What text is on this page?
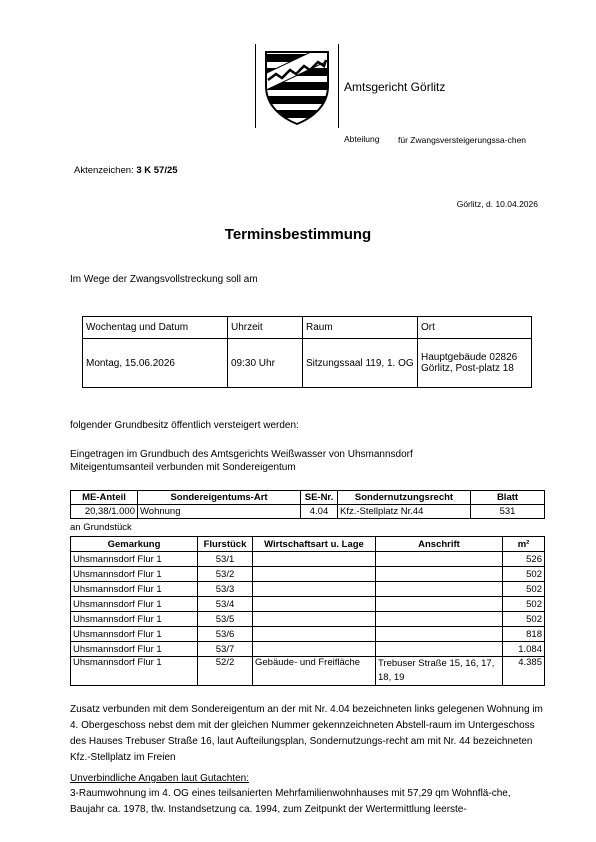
Amtsgericht Görlitz
Abteilung für Zwangsversteigerungssa-chen
Aktenzeichen: 3 K 57/25
Görlitz, d. 10.04.2026
Terminsbestimmung
Im Wege der Zwangsvollstreckung soll am
Wochentag und Datum	Uhrzeit	Raum	Ort
Montag, 15.06.2026	09:30 Uhr	Sitzungssaal 119, 1. OG	Hauptgebäude 02826 Görlitz, Post-platz 18
folgender Grundbesitz öffentlich versteigert werden:
Eingetragen im Grundbuch des Amtsgerichts Weißwasser von Uhsmannsdorf
Miteigentumsanteil verbunden mit Sondereigentum
ME-Anteil	Sondereigentums-Art	SE-Nr.	Sondernutzungsrecht	Blatt
20,38/1.000	Wohnung	4.04	Kfz.-Stellplatz Nr.44	531
an Grundstück
Gemarkung	Flurstück	Wirtschaftsart u. Lage	Anschrift	m²
Uhsmannsdorf Flur 1	53/1			526
Uhsmannsdorf Flur 1	53/2			502
Uhsmannsdorf Flur 1	53/3			502
Uhsmannsdorf Flur 1	53/4			502
Uhsmannsdorf Flur 1	53/5			502
Uhsmannsdorf Flur 1	53/6			818
Uhsmannsdorf Flur 1	53/7			1.084
Uhsmannsdorf Flur 1	52/2	Gebäude- und Freifläche	Trebuser Straße 15, 16, 17, 18, 19	4.385
Zusatz verbunden mit dem Sondereigentum an der mit Nr. 4.04 bezeichneten links gelegenen Wohnung im 4. Obergeschoss nebst dem mit der gleichen Nummer gekennzeichneten Abstell-raum im Untergeschoss des Hauses Trebuser Straße 16, laut Aufteilungsplan, Sondernutzungs-recht am mit Nr. 44 bezeichneten Kfz.-Stellplatz im Freien
Unverbindliche Angaben laut Gutachten:
3-Raumwohnung im 4. OG eines teilsanierten Mehrfamilienwohnhauses mit 57,29 qm Wohnflä-che, Baujahr ca. 1978, tlw. Instandsetzung ca. 1994, zum Zeitpunkt der Wertermittlung leerste-
